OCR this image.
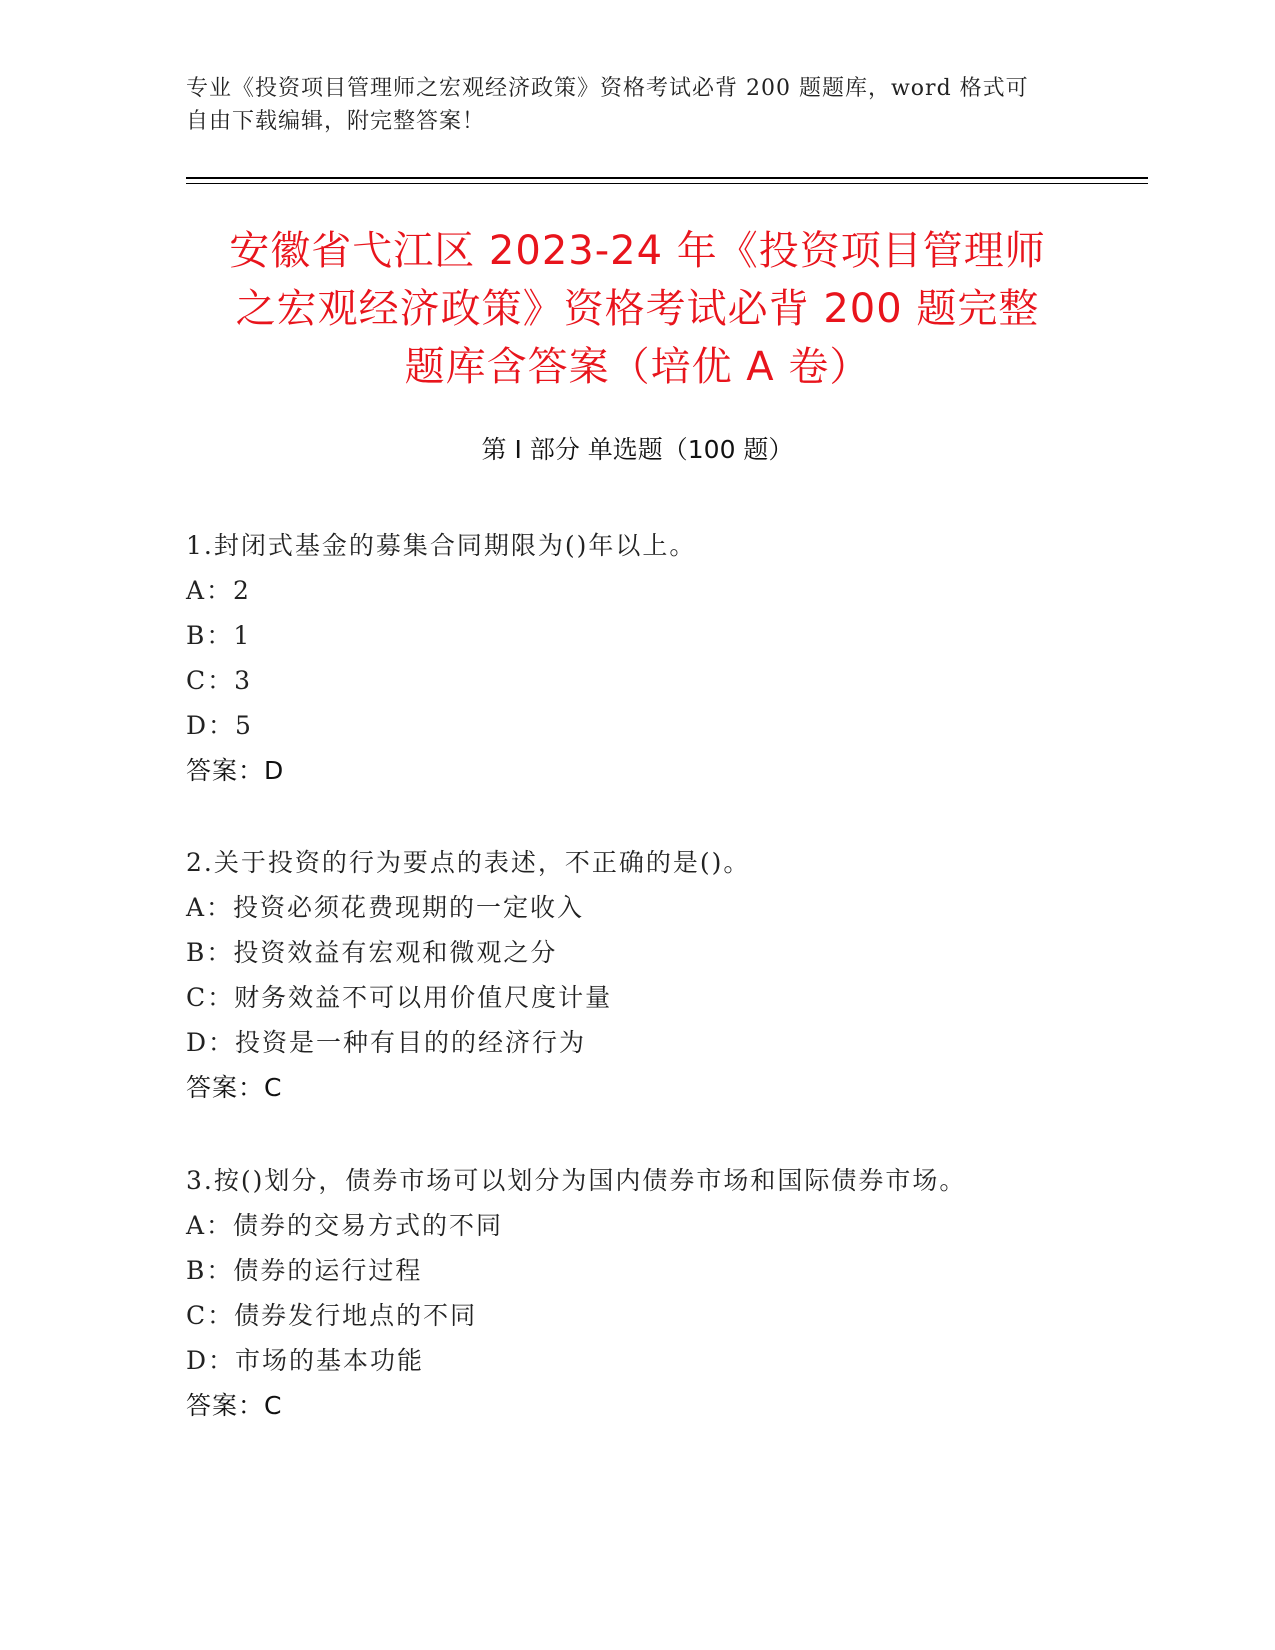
专业《投资项目管理师之宏观经济政策》资格考试必背 200 题题库，word 格式可
自由下载编辑，附完整答案！
安徽省弋江区 2023-24 年《投资项目管理师
之宏观经济政策》资格考试必背 200 题完整
题库含答案（培优 A 卷）
第 I 部分 单选题（100 题）
1.封闭式基金的募集合同期限为()年以上。
A：2
B：1
C：3
D：5
答案：D
2.关于投资的行为要点的表述，不正确的是()。
A：投资必须花费现期的一定收入
B：投资效益有宏观和微观之分
C：财务效益不可以用价值尺度计量
D：投资是一种有目的的经济行为
答案：C
3.按()划分，债券市场可以划分为国内债券市场和国际债券市场。
A：债券的交易方式的不同
B：债券的运行过程
C：债券发行地点的不同
D：市场的基本功能
答案：C
